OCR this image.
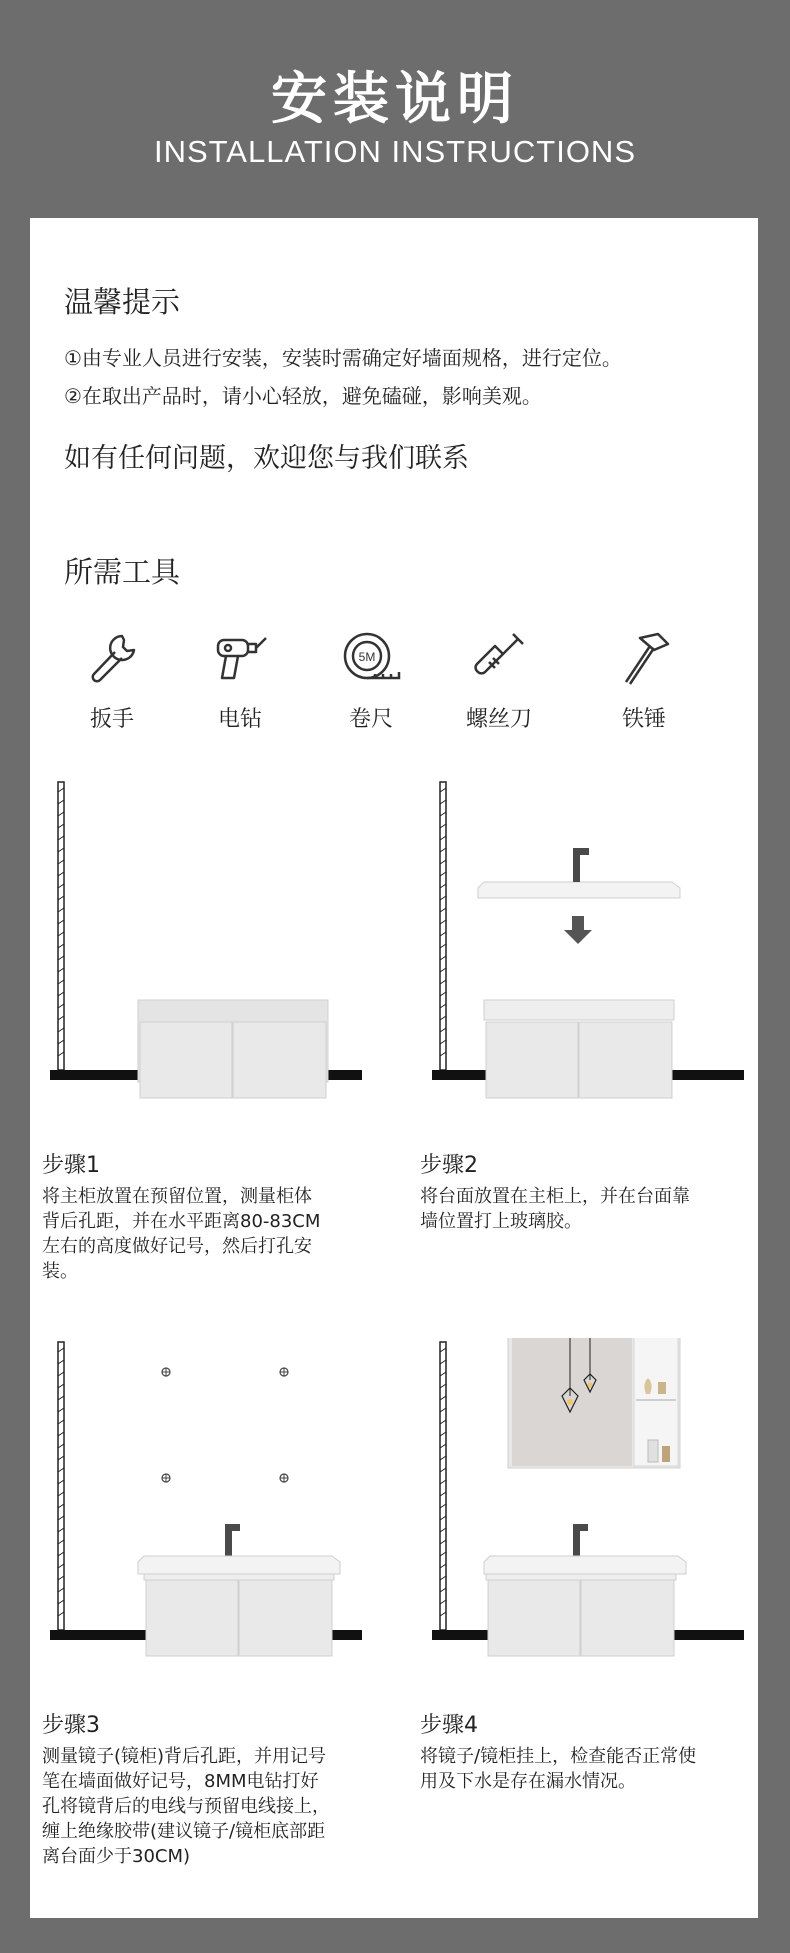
安装说明
INSTALLATION INSTRUCTIONS
温馨提示
①由专业人员进行安装，安装时需确定好墙面规格，进行定位。
②在取出产品时，请小心轻放，避免磕碰，影响美观。
如有任何问题，欢迎您与我们联系
所需工具
扳手	电钻
5M
卷尺	螺丝刀	铁锤
步骤1
将主柜放置在预留位置，测量柜体
背后孔距，并在水平距离80-83CM
左右的高度做好记号，然后打孔安
装。
步骤2
将台面放置在主柜上，并在台面靠
墙位置打上玻璃胶。
步骤3
测量镜子(镜柜)背后孔距，并用记号
笔在墙面做好记号，8MM电钻打好
孔将镜背后的电线与预留电线接上，
缠上绝缘胶带(建议镜子/镜柜底部距
离台面少于30CM)
步骤4
将镜子/镜柜挂上，检查能否正常使
用及下水是存在漏水情况。
